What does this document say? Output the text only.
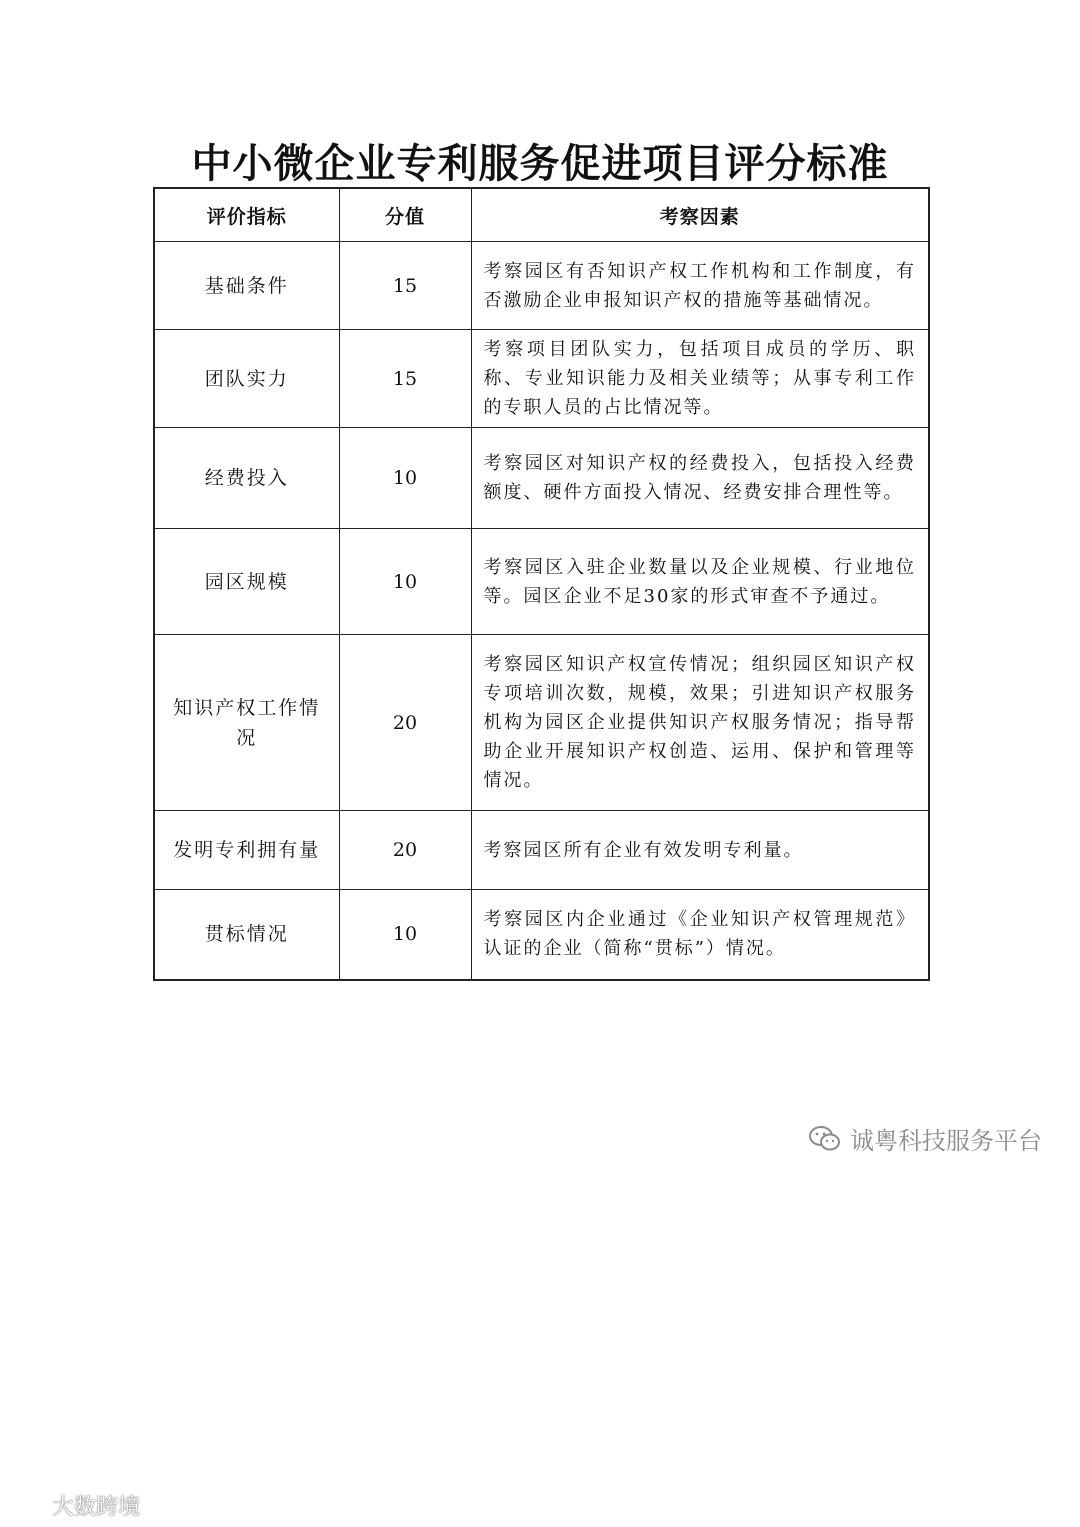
中小微企业专利服务促进项目评分标准
评价指标	分值	考察因素
基础条件	15	考察园区有否知识产权工作机构和工作制度，有否激励企业申报知识产权的措施等基础情况。
团队实力	15	考察项目团队实力，包括项目成员的学历、职称、专业知识能力及相关业绩等；从事专利工作的专职人员的占比情况等。
经费投入	10	考察园区对知识产权的经费投入，包括投入经费额度、硬件方面投入情况、经费安排合理性等。
园区规模	10	考察园区入驻企业数量以及企业规模、行业地位等。园区企业不足30家的形式审查不予通过。
知识产权工作情况	20	考察园区知识产权宣传情况；组织园区知识产权专项培训次数，规模，效果；引进知识产权服务机构为园区企业提供知识产权服务情况；指导帮助企业开展知识产权创造、运用、保护和管理等情况。
发明专利拥有量	20	考察园区所有企业有效发明专利量。
贯标情况	10	考察园区内企业通过《企业知识产权管理规范》认证的企业（简称“贯标”）情况。
诚粤科技服务平台
大数跨境
